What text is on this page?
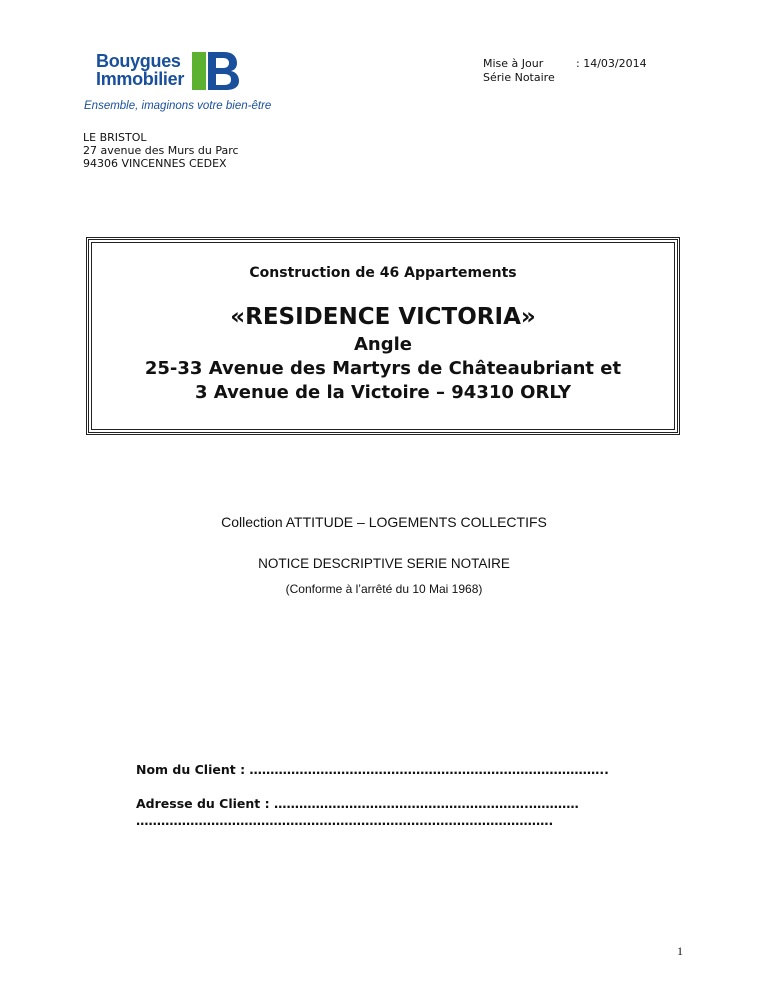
Bouygues
Immobilier
Ensemble, imaginons votre bien-être
Mise à Jour	: 14/03/2014
Série Notaire
LE BRISTOL
27 avenue des Murs du Parc
94306 VINCENNES CEDEX
Construction de 46 Appartements
«RESIDENCE VICTORIA»
Angle
25-33 Avenue des Martyrs de Châteaubriant et
3 Avenue de la Victoire – 94310 ORLY
Collection ATTITUDE – LOGEMENTS COLLECTIFS
NOTICE DESCRIPTIVE SERIE NOTAIRE
(Conforme à l’arrêté du 10 Mai 1968)
Nom du Client : …………………………………………………………………………..
Adresse du Client : …………………………………………………….…………
……………………………………………………………………………………….
1
